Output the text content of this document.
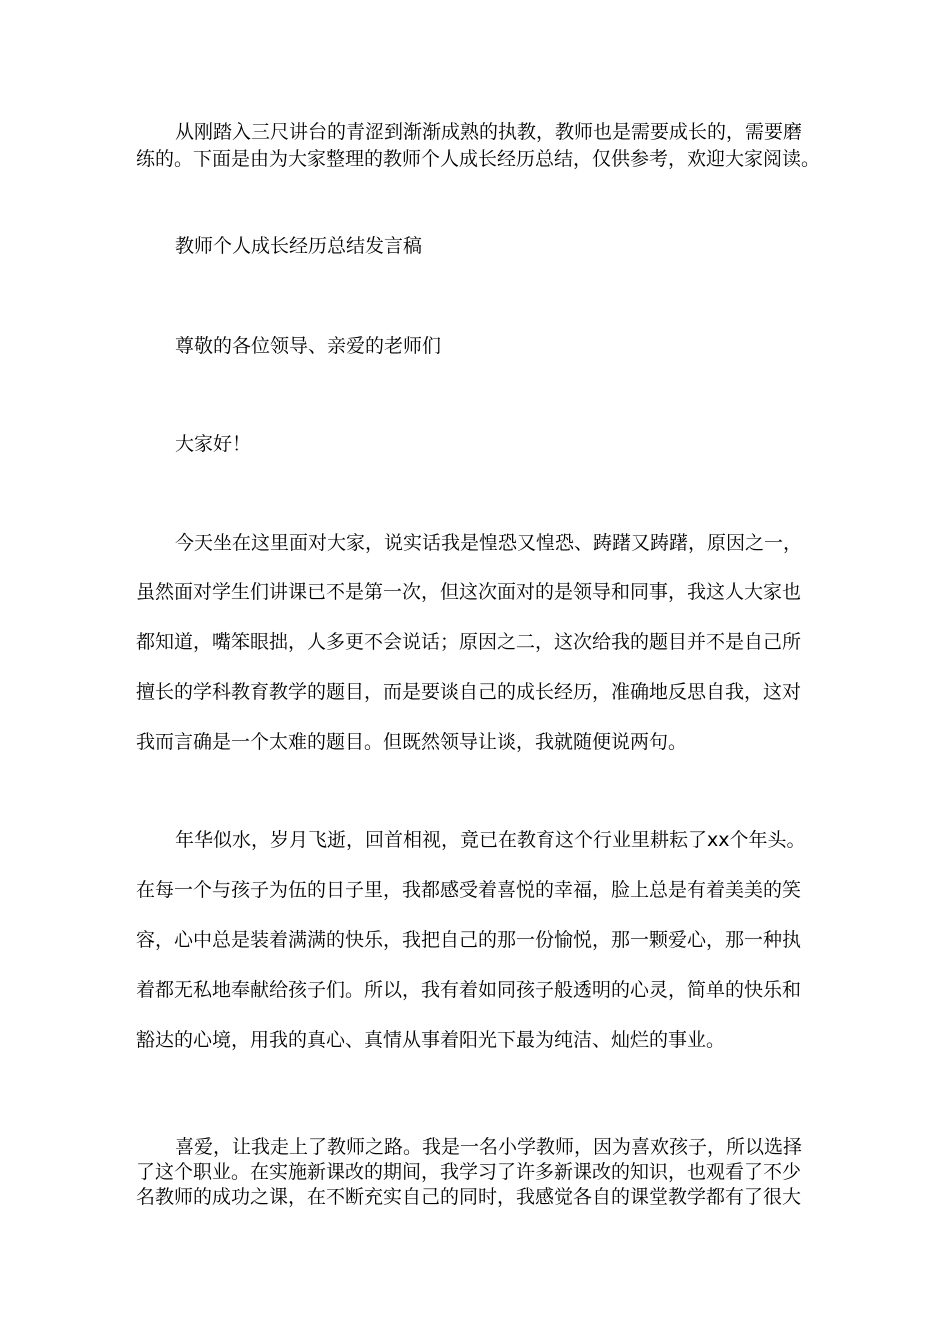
从刚踏入三尺讲台的青涩到渐渐成熟的执教，教师也是需要成长的，需要磨
练的。下面是由为大家整理的教师个人成长经历总结，仅供参考，欢迎大家阅读。
教师个人成长经历总结发言稿
尊敬的各位领导、亲爱的老师们
大家好！
今天坐在这里面对大家，说实话我是惶恐又惶恐、踌躇又踌躇，原因之一，
虽然面对学生们讲课已不是第一次，但这次面对的是领导和同事，我这人大家也
都知道，嘴笨眼拙，人多更不会说话；原因之二，这次给我的题目并不是自己所
擅长的学科教育教学的题目，而是要谈自己的成长经历，准确地反思自我，这对
我而言确是一个太难的题目。但既然领导让谈，我就随便说两句。
年华似水，岁月飞逝，回首相视，竟已在教育这个行业里耕耘了xx个年头。
在每一个与孩子为伍的日子里，我都感受着喜悦的幸福，脸上总是有着美美的笑
容，心中总是装着满满的快乐，我把自己的那一份愉悦，那一颗爱心，那一种执
着都无私地奉献给孩子们。所以，我有着如同孩子般透明的心灵，简单的快乐和
豁达的心境，用我的真心、真情从事着阳光下最为纯洁、灿烂的事业。
喜爱，让我走上了教师之路。我是一名小学教师，因为喜欢孩子，所以选择
了这个职业。在实施新课改的期间，我学习了许多新课改的知识，也观看了不少
名教师的成功之课，在不断充实自己的同时，我感觉各自的课堂教学都有了很大
